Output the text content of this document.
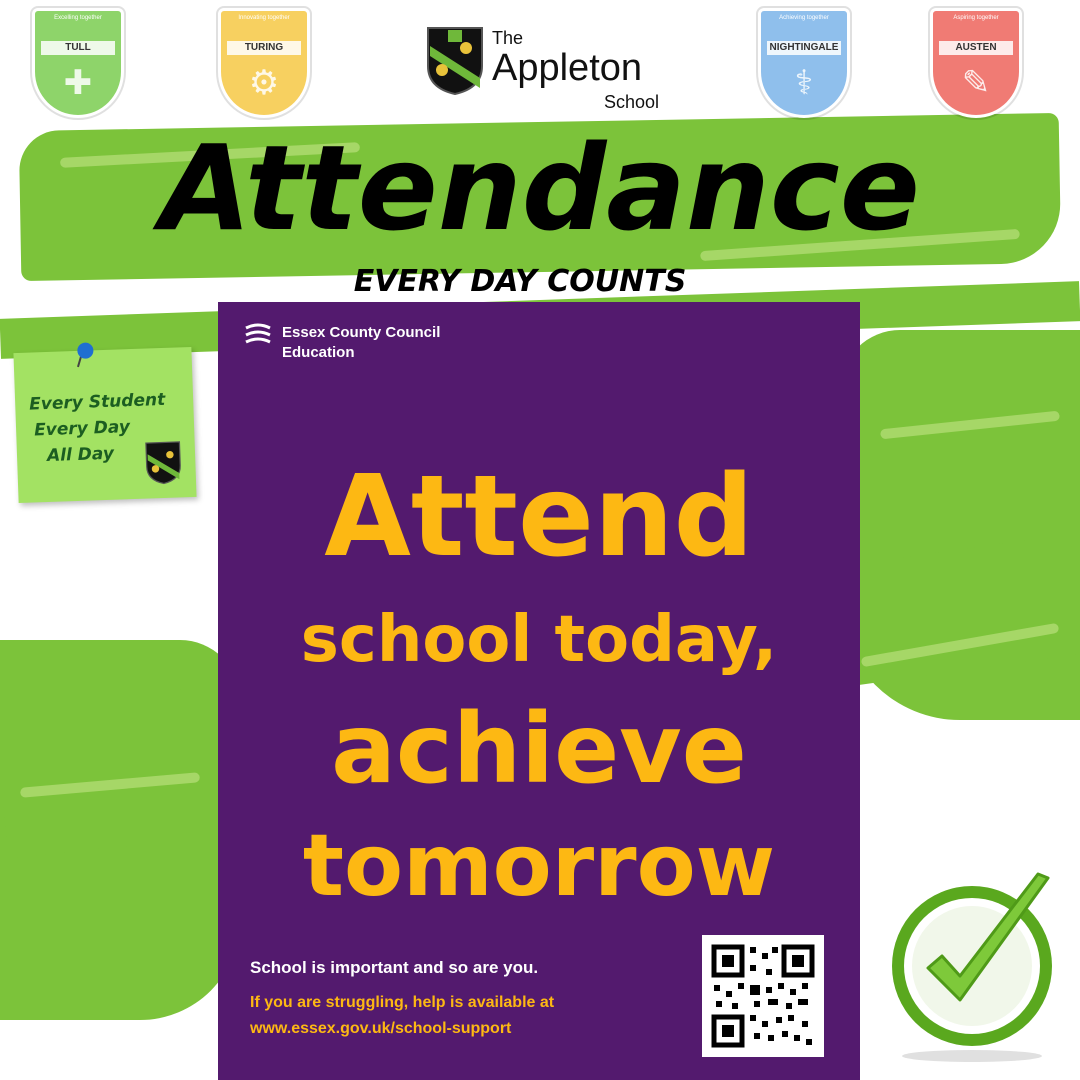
Excelling together
TULL
✚
Innovating together
TURING
⚙
Achieving together
NIGHTINGALE
⚕
Aspiring together
AUSTEN
✎
The
Appleton
School
Attendance
EVERY DAY COUNTS
Every Student
Every Day
All Day
Essex County Council
Education
Attend
school today,
achieve
tomorrow
School is important and so are you.
If you are struggling, help is available at
www.essex.gov.uk/school-support
